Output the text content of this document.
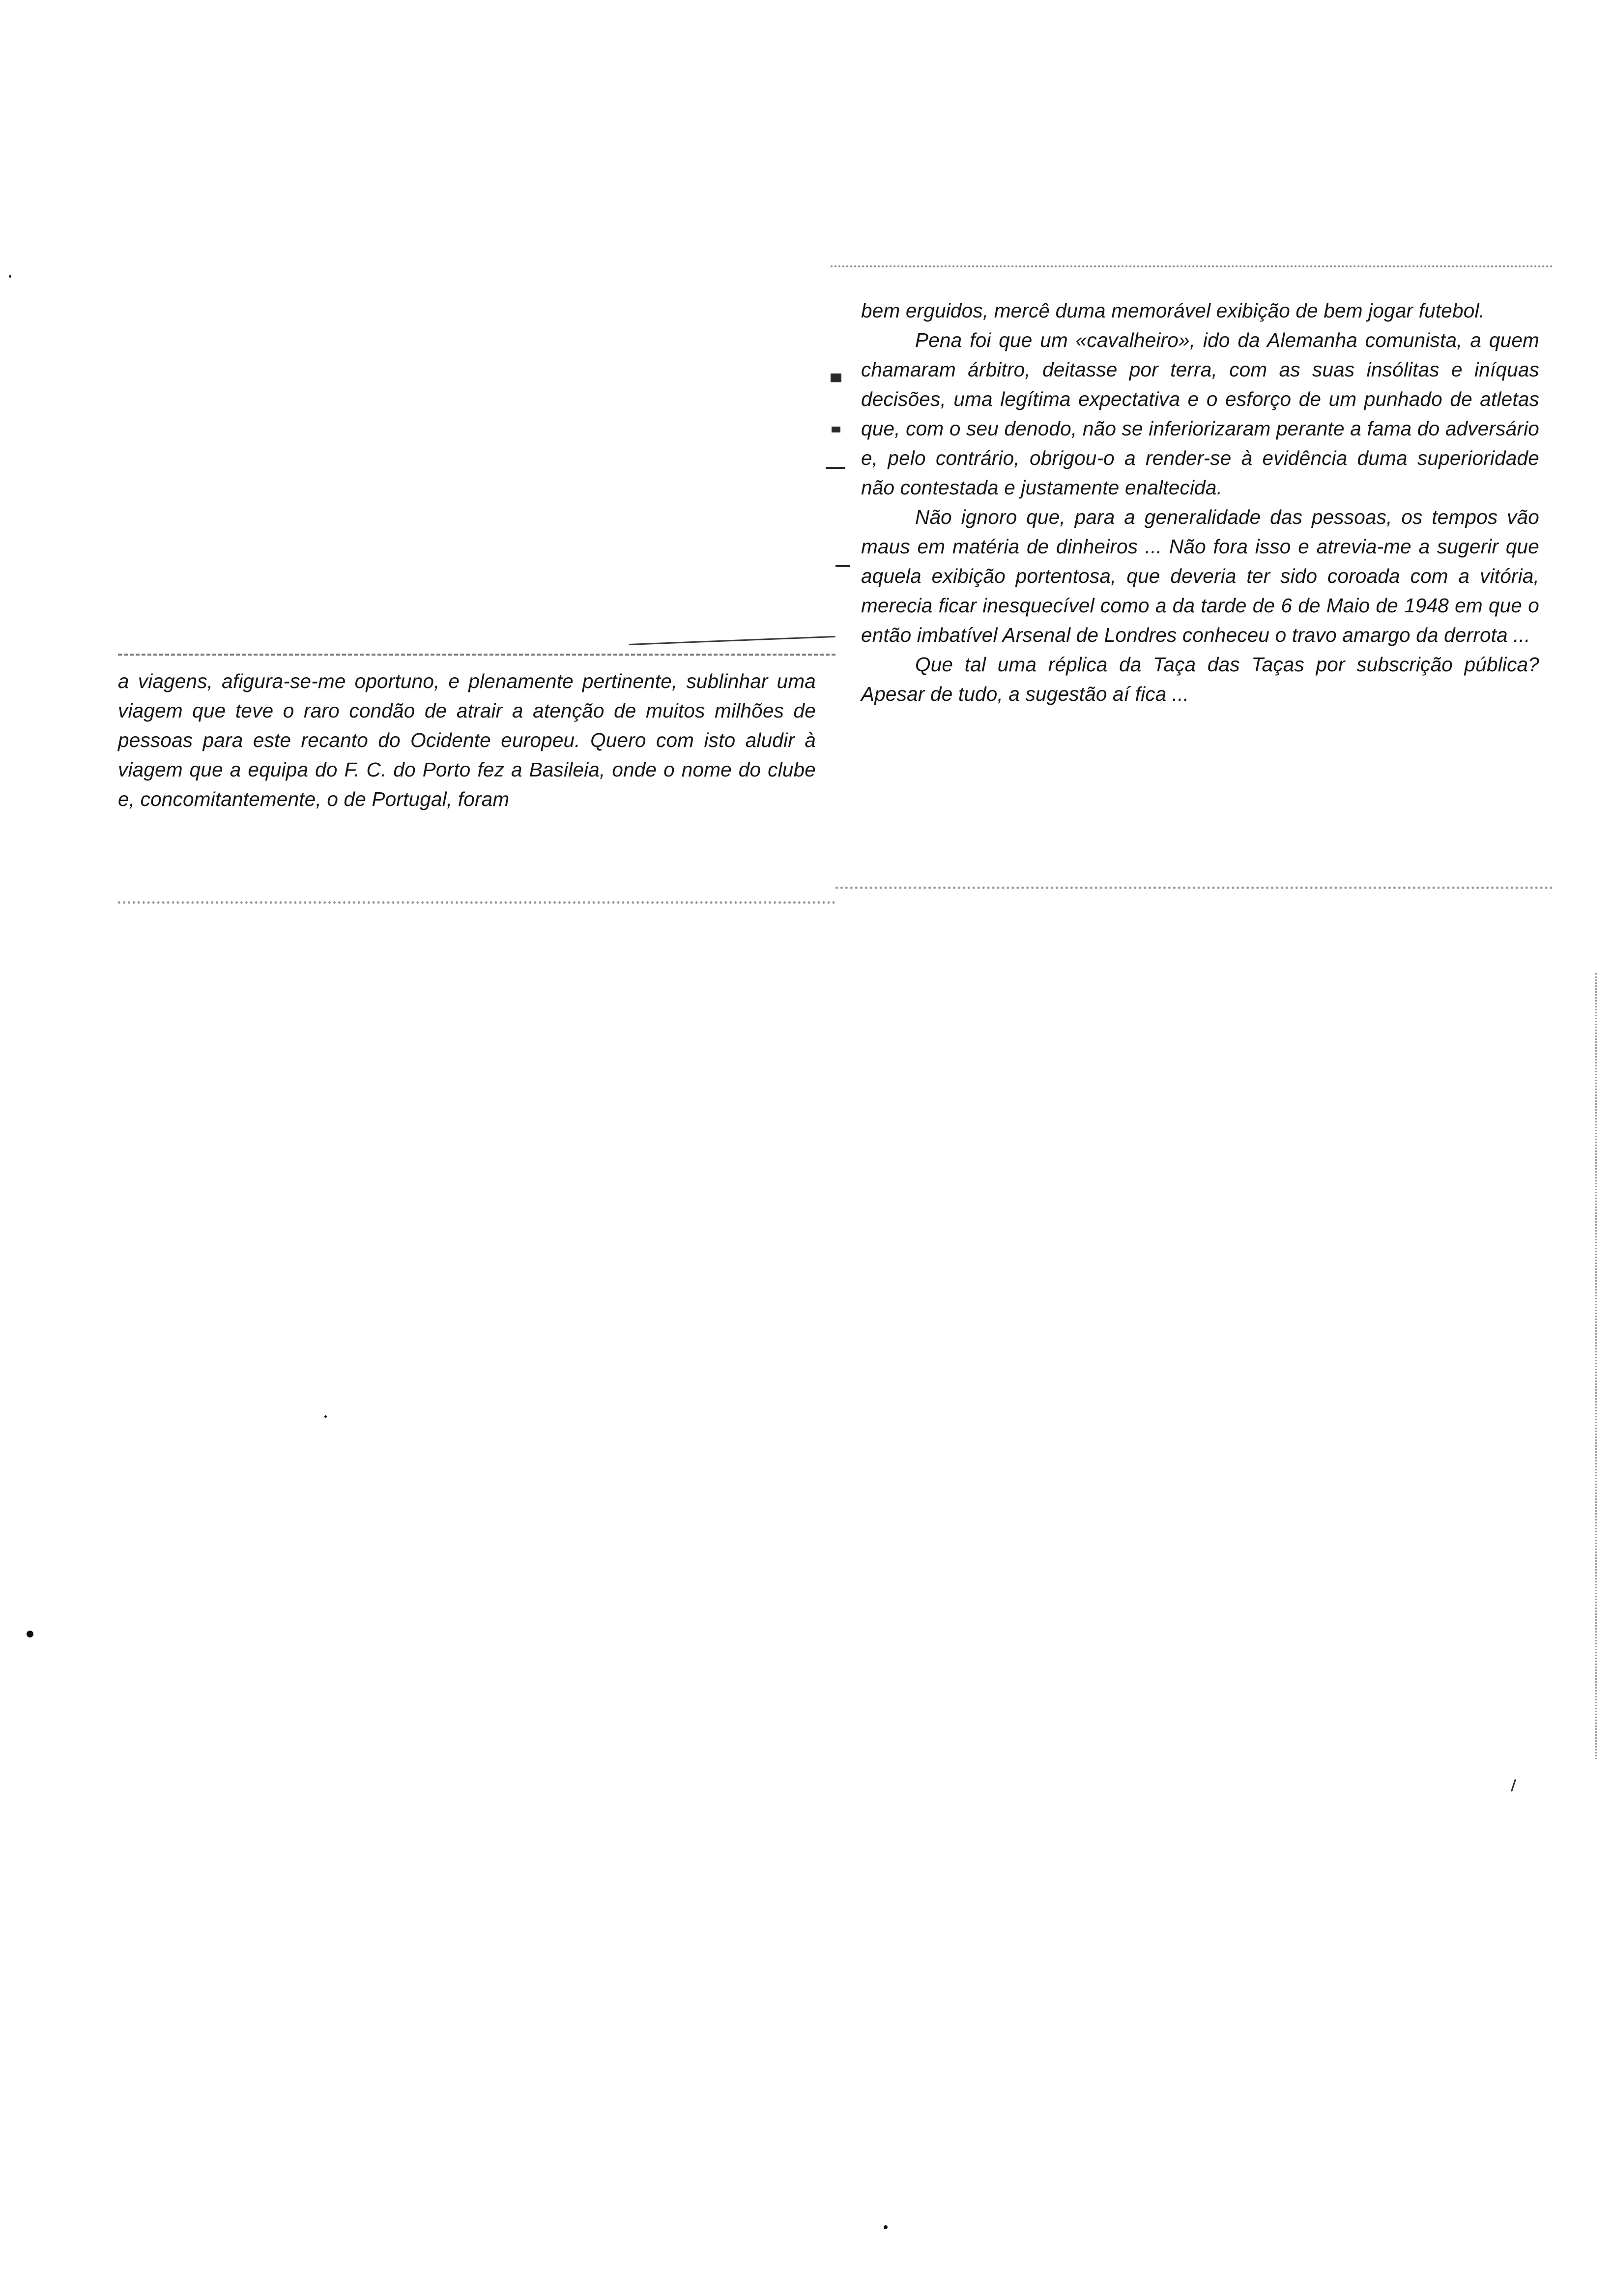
bem erguidos, mercê duma memorável exibição de bem jogar futebol.

Pena foi que um «cavalheiro», ido da Alemanha comunista, a quem chamaram árbitro, deitasse por terra, com as suas insólitas e iníquas decisões, uma legítima expectativa e o esforço de um punhado de atletas que, com o seu denodo, não se inferiorizaram perante a fama do adversário e, pelo contrário, obrigou-o a render-se à evidência duma superioridade não contestada e justamente enaltecida.

Não ignoro que, para a generalidade das pessoas, os tempos vão maus em matéria de dinheiros ... Não fora isso e atrevia-me a sugerir que aquela exibição portentosa, que deveria ter sido coroada com a vitória, merecia ficar inesquecível como a da tarde de 6 de Maio de 1948 em que o então imbatível Arsenal de Londres conheceu o travo amargo da derrota ...

Que tal uma réplica da Taça das Taças por subscrição pública? Apesar de tudo, a sugestão aí fica ...

a viagens, afigura-se-me oportuno, e plenamente pertinente, sublinhar uma viagem que teve o raro condão de atrair a atenção de muitos milhões de pessoas para este recanto do Ocidente europeu. Quero com isto aludir à viagem que a equipa do F. C. do Porto fez a Basileia, onde o nome do clube e, concomitantemente, o de Portugal, foram
